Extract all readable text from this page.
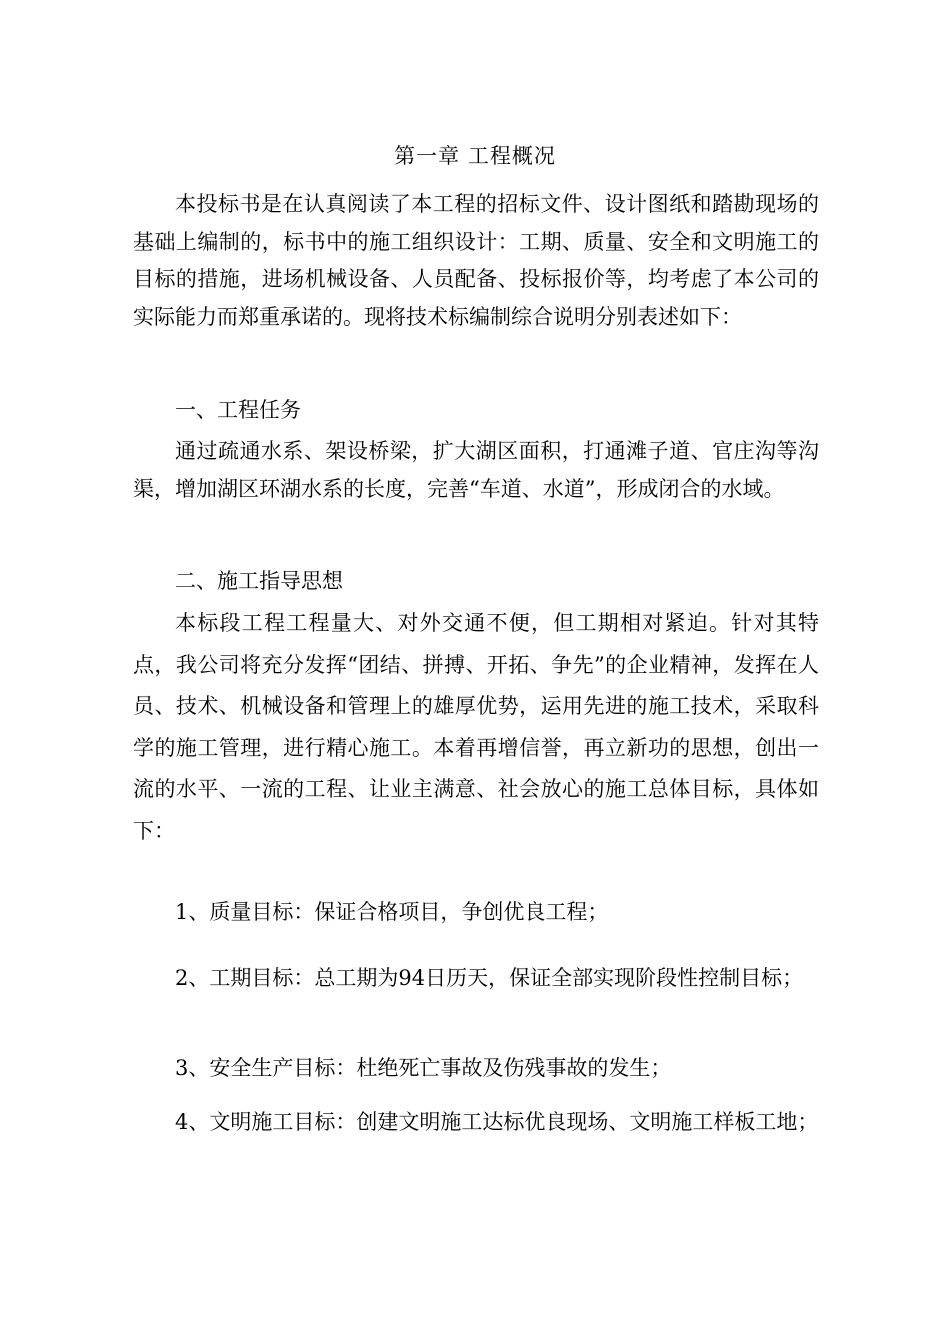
第一章 工程概况
本投标书是在认真阅读了本工程的招标文件、设计图纸和踏勘现场的基础上编制的，标书中的施工组织设计：工期、质量、安全和文明施工的目标的措施，进场机械设备、人员配备、投标报价等，均考虑了本公司的实际能力而郑重承诺的。现将技术标编制综合说明分别表述如下：
一、工程任务
通过疏通水系、架设桥梁，扩大湖区面积，打通滩子道、官庄沟等沟渠，增加湖区环湖水系的长度，完善“车道、水道”，形成闭合的水域。
二、施工指导思想
本标段工程工程量大、对外交通不便，但工期相对紧迫。针对其特点，我公司将充分发挥“团结、拼搏、开拓、争先”的企业精神，发挥在人员、技术、机械设备和管理上的雄厚优势，运用先进的施工技术，采取科学的施工管理，进行精心施工。本着再增信誉，再立新功的思想，创出一流的水平、一流的工程、让业主满意、社会放心的施工总体目标，具体如下：
1、质量目标：保证合格项目，争创优良工程；
2、工期目标：总工期为94日历天，保证全部实现阶段性控制目标；
3、安全生产目标：杜绝死亡事故及伤残事故的发生；
4、文明施工目标：创建文明施工达标优良现场、文明施工样板工地；
